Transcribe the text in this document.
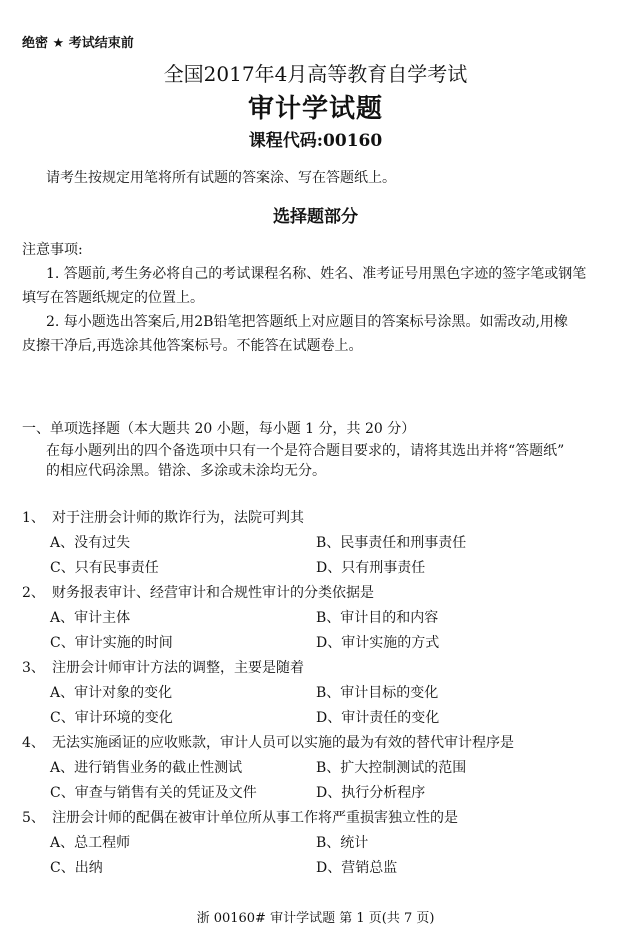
绝密 ★ 考试结束前
全国2017年4月高等教育自学考试
审计学试题
课程代码:00160
请考生按规定用笔将所有试题的答案涂、写在答题纸上。
选择题部分
注意事项:
1. 答题前,考生务必将自己的考试课程名称、姓名、准考证号用黑色字迹的签字笔或钢笔
填写在答题纸规定的位置上。
2. 每小题选出答案后,用2B铅笔把答题纸上对应题目的答案标号涂黑。如需改动,用橡
皮擦干净后,再选涂其他答案标号。不能答在试题卷上。
一、单项选择题（本大题共 20 小题，每小题 1 分，共 20 分）
在每小题列出的四个备选项中只有一个是符合题目要求的，请将其选出并将“答题纸”
的相应代码涂黑。错涂、多涂或未涂均无分。
1、 对于注册会计师的欺诈行为，法院可判其
A、没有过失	B、民事责任和刑事责任
C、只有民事责任	D、只有刑事责任
2、 财务报表审计、经营审计和合规性审计的分类依据是
A、审计主体	B、审计目的和内容
C、审计实施的时间	D、审计实施的方式
3、 注册会计师审计方法的调整，主要是随着
A、审计对象的变化	B、审计目标的变化
C、审计环境的变化	D、审计责任的变化
4、 无法实施函证的应收账款，审计人员可以实施的最为有效的替代审计程序是
A、进行销售业务的截止性测试	B、扩大控制测试的范围
C、审查与销售有关的凭证及文件	D、执行分析程序
5、 注册会计师的配偶在被审计单位所从事工作将严重损害独立性的是
A、总工程师	B、统计
C、出纳	D、营销总监
浙 00160# 审计学试题 第 1 页(共 7 页)
